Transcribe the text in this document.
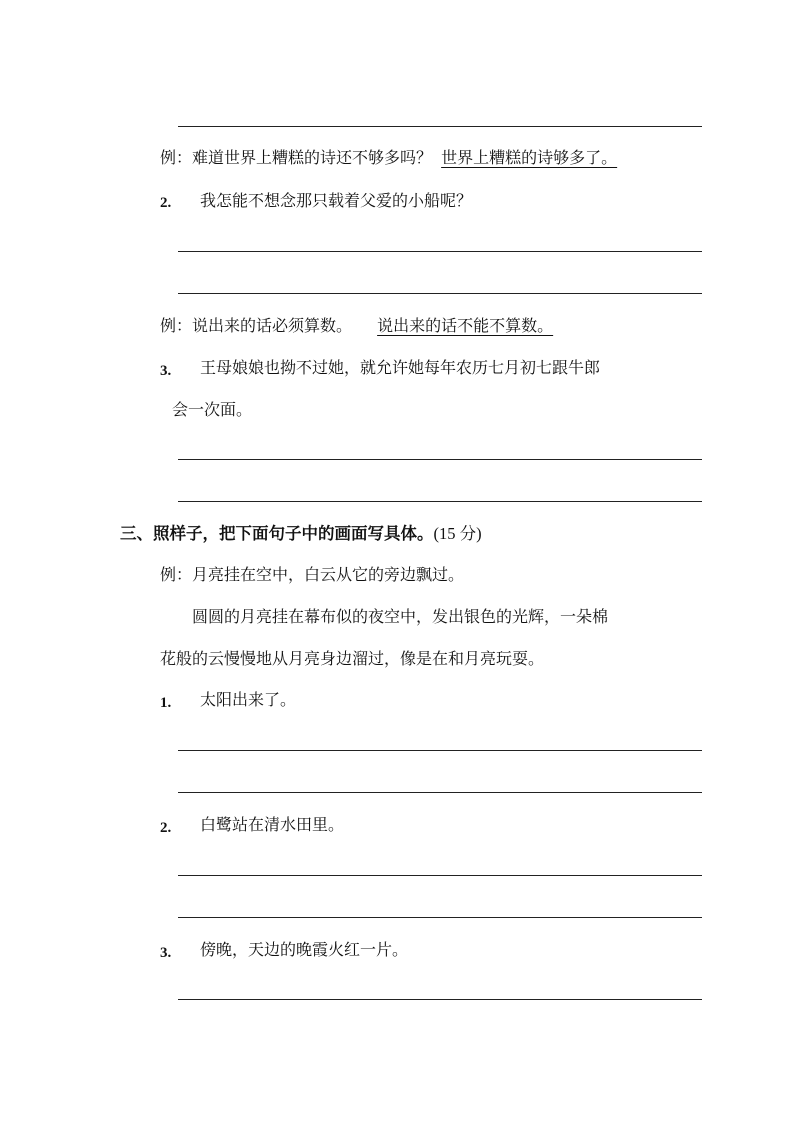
例：难道世界上糟糕的诗还不够多吗？ 世界上糟糕的诗够多了。
2. 我怎能不想念那只载着父爱的小船呢？
例：说出来的话必须算数。 说出来的话不能不算数。
3. 王母娘娘也拗不过她，就允许她每年农历七月初七跟牛郎
会一次面。
三、照样子，把下面句子中的画面写具体。(15 分)
例：月亮挂在空中，白云从它的旁边飘过。
圆圆的月亮挂在幕布似的夜空中，发出银色的光辉，一朵棉
花般的云慢慢地从月亮身边溜过，像是在和月亮玩耍。
1. 太阳出来了。
2. 白鹭站在清水田里。
3. 傍晚，天边的晚霞火红一片。
